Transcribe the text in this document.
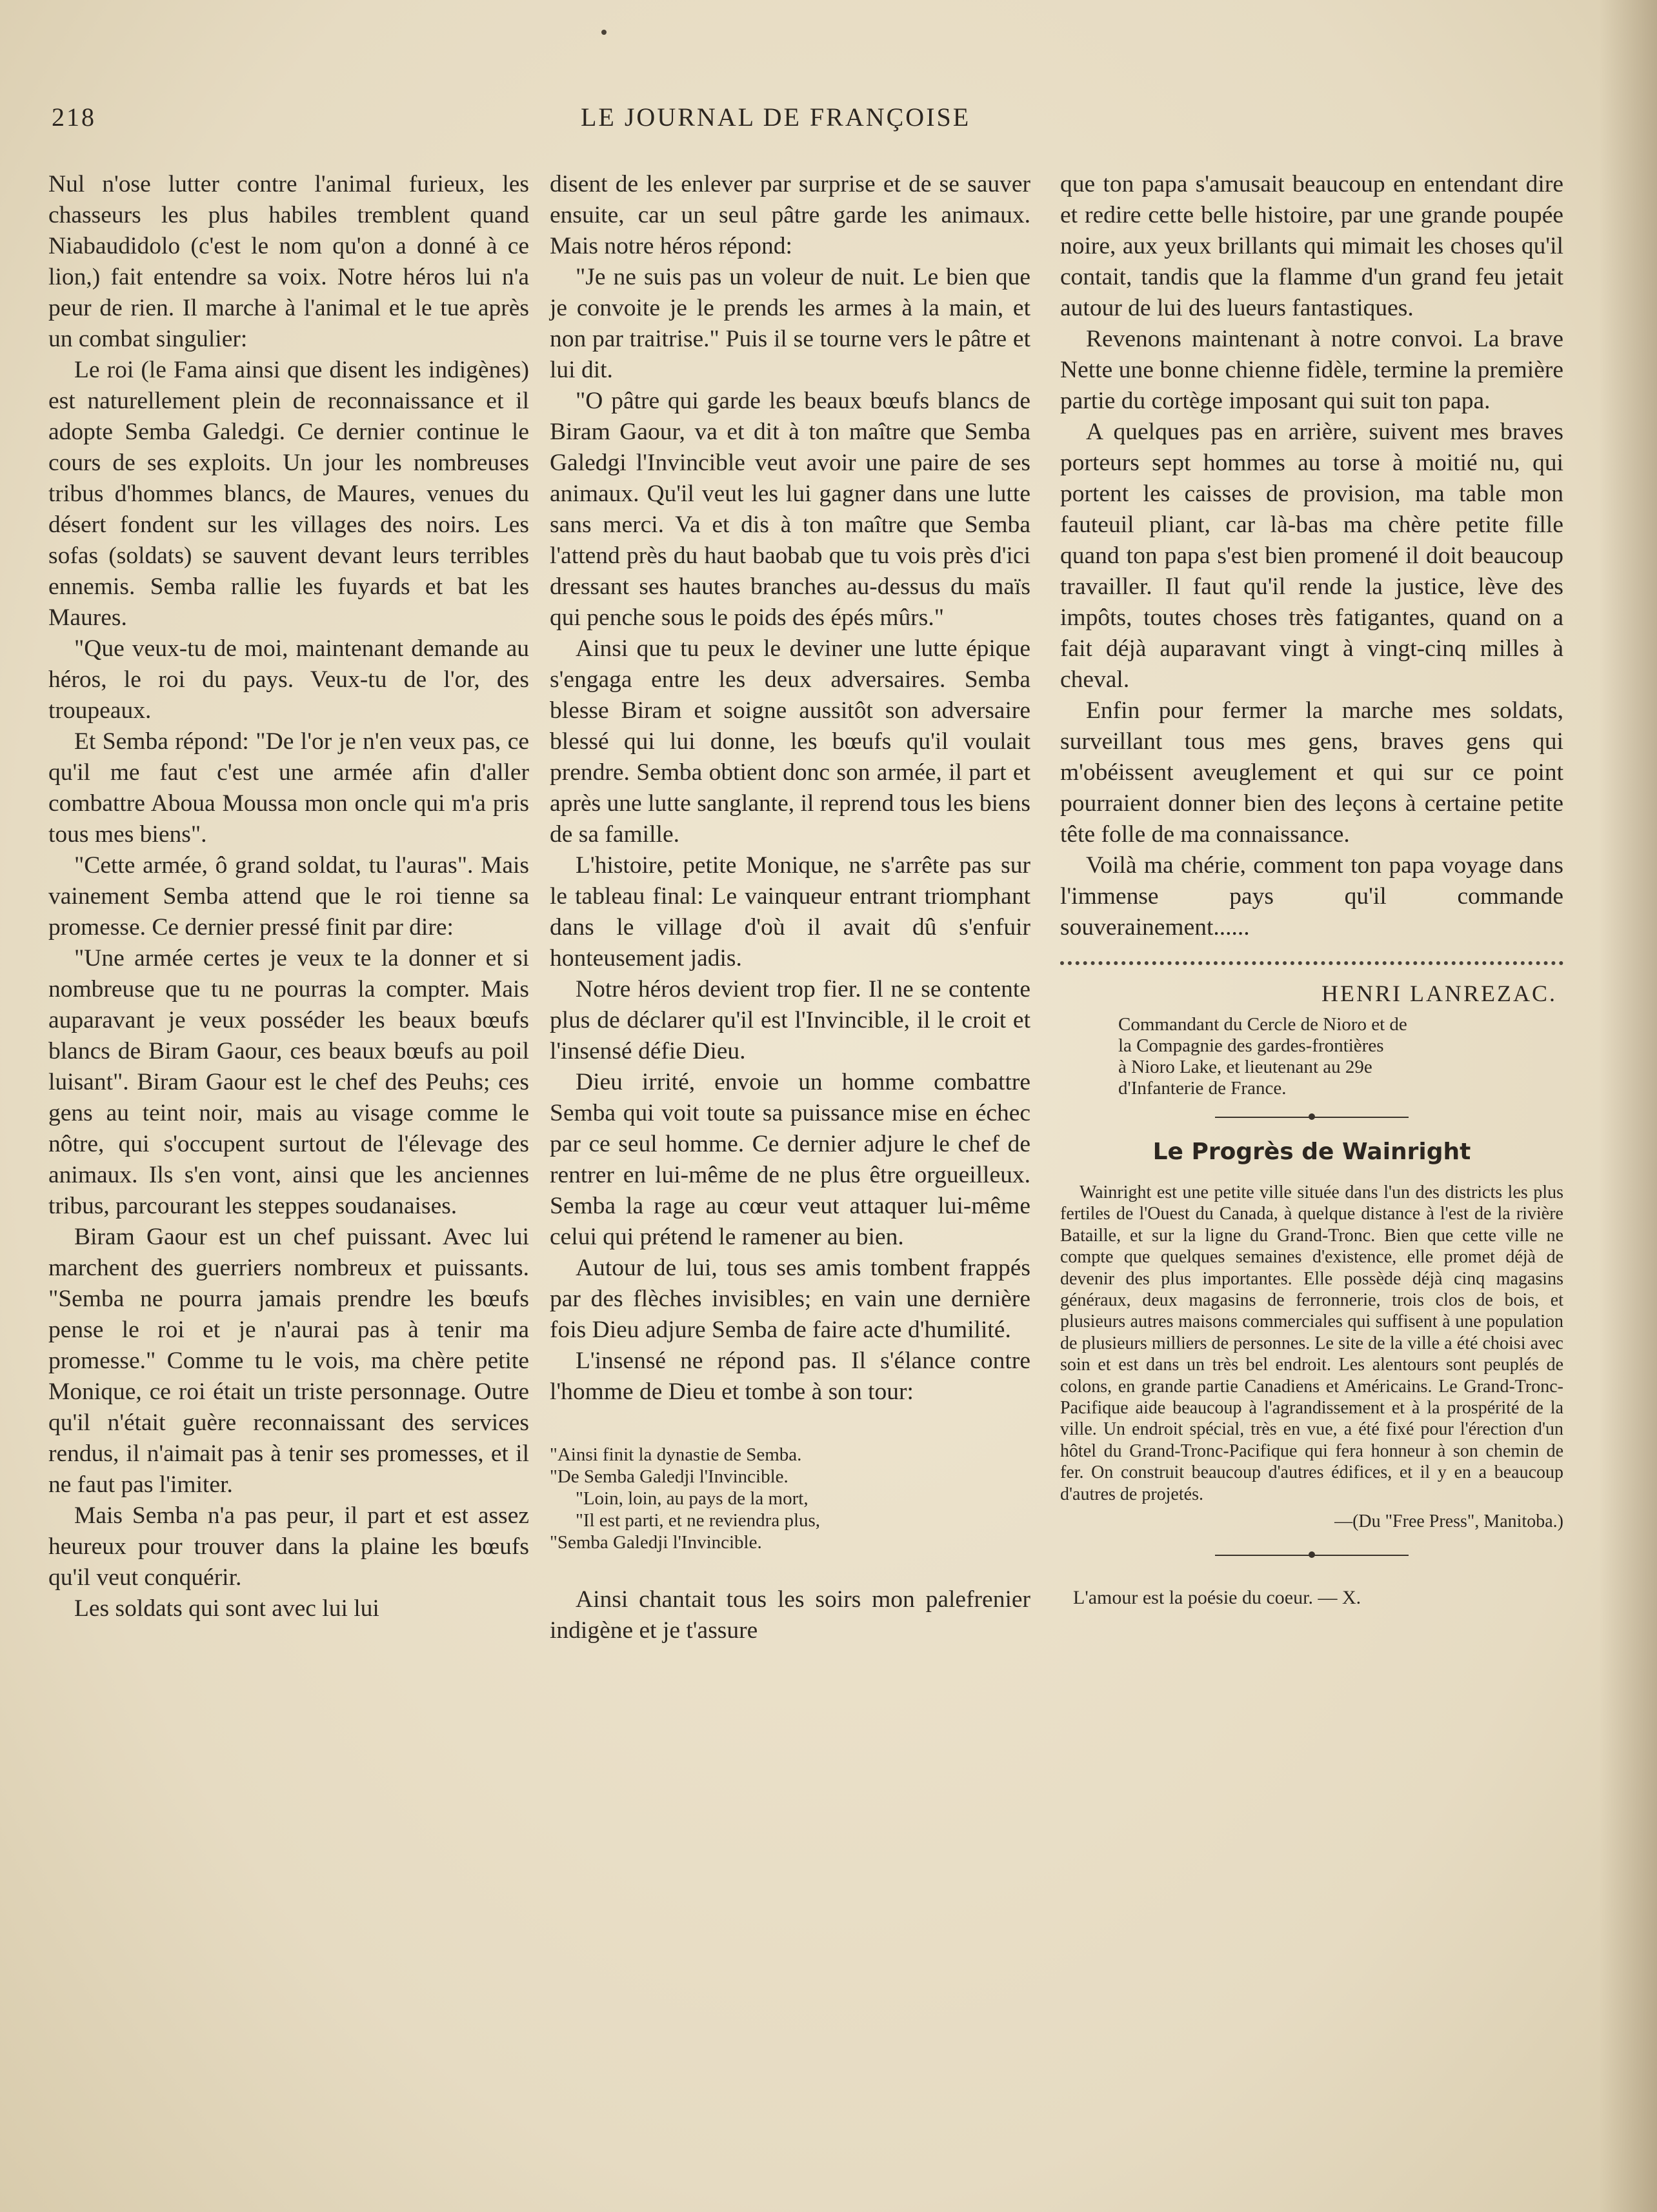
218	LE JOURNAL DE FRANÇOISE

Nul n'ose lutter contre l'animal furieux, les chasseurs les plus habiles tremblent quand Niabaudidolo (c'est le nom qu'on a donné à ce lion,) fait entendre sa voix. Notre héros lui n'a peur de rien. Il marche à l'animal et le tue après un combat singulier:

Le roi (le Fama ainsi que disent les indigènes) est naturellement plein de reconnaissance et il adopte Semba Galedgi. Ce dernier continue le cours de ses exploits. Un jour les nombreuses tribus d'hommes blancs, de Maures, venues du désert fondent sur les villages des noirs. Les sofas (soldats) se sauvent devant leurs terribles ennemis. Semba rallie les fuyards et bat les Maures.

"Que veux-tu de moi, maintenant demande au héros, le roi du pays. Veux-tu de l'or, des troupeaux.

Et Semba répond: "De l'or je n'en veux pas, ce qu'il me faut c'est une armée afin d'aller combattre Aboua Moussa mon oncle qui m'a pris tous mes biens".

"Cette armée, ô grand soldat, tu l'auras". Mais vainement Semba attend que le roi tienne sa promesse. Ce dernier pressé finit par dire:

"Une armée certes je veux te la donner et si nombreuse que tu ne pourras la compter. Mais auparavant je veux posséder les beaux bœufs blancs de Biram Gaour, ces beaux bœufs au poil luisant". Biram Gaour est le chef des Peuhs; ces gens au teint noir, mais au visage comme le nôtre, qui s'occupent surtout de l'élevage des animaux. Ils s'en vont, ainsi que les anciennes tribus, parcourant les steppes soudanaises.

Biram Gaour est un chef puissant. Avec lui marchent des guerriers nombreux et puissants. "Semba ne pourra jamais prendre les bœufs pense le roi et je n'aurai pas à tenir ma promesse." Comme tu le vois, ma chère petite Monique, ce roi était un triste personnage. Outre qu'il n'était guère reconnaissant des services rendus, il n'aimait pas à tenir ses promesses, et il ne faut pas l'imiter.

Mais Semba n'a pas peur, il part et est assez heureux pour trouver dans la plaine les bœufs qu'il veut conquérir.

Les soldats qui sont avec lui lui

disent de les enlever par surprise et de se sauver ensuite, car un seul pâtre garde les animaux. Mais notre héros répond:

"Je ne suis pas un voleur de nuit. Le bien que je convoite je le prends les armes à la main, et non par traitrise." Puis il se tourne vers le pâtre et lui dit.

"O pâtre qui garde les beaux bœufs blancs de Biram Gaour, va et dit à ton maître que Semba Galedgi l'Invincible veut avoir une paire de ses animaux. Qu'il veut les lui gagner dans une lutte sans merci. Va et dis à ton maître que Semba l'attend près du haut baobab que tu vois près d'ici dressant ses hautes branches au-dessus du maïs qui penche sous le poids des épés mûrs."

Ainsi que tu peux le deviner une lutte épique s'engaga entre les deux adversaires. Semba blesse Biram et soigne aussitôt son adversaire blessé qui lui donne, les bœufs qu'il voulait prendre. Semba obtient donc son armée, il part et après une lutte sanglante, il reprend tous les biens de sa famille.

L'histoire, petite Monique, ne s'arrête pas sur le tableau final: Le vainqueur entrant triomphant dans le village d'où il avait dû s'enfuir honteusement jadis.

Notre héros devient trop fier. Il ne se contente plus de déclarer qu'il est l'Invincible, il le croit et l'insensé défie Dieu.

Dieu irrité, envoie un homme combattre Semba qui voit toute sa puissance mise en échec par ce seul homme. Ce dernier adjure le chef de rentrer en lui-même de ne plus être orgueilleux. Semba la rage au cœur veut attaquer lui-même celui qui prétend le ramener au bien.

Autour de lui, tous ses amis tombent frappés par des flèches invisibles; en vain une dernière fois Dieu adjure Semba de faire acte d'humilité.

L'insensé ne répond pas. Il s'élance contre l'homme de Dieu et tombe à son tour:

"Ainsi finit la dynastie de Semba.
"De Semba Galedji l'Invincible.
"Loin, loin, au pays de la mort,
"Il est parti, et ne reviendra plus,
"Semba Galedji l'Invincible.

Ainsi chantait tous les soirs mon palefrenier indigène et je t'assure

que ton papa s'amusait beaucoup en entendant dire et redire cette belle histoire, par une grande poupée noire, aux yeux brillants qui mimait les choses qu'il contait, tandis que la flamme d'un grand feu jetait autour de lui des lueurs fantastiques.

Revenons maintenant à notre convoi. La brave Nette une bonne chienne fidèle, termine la première partie du cortège imposant qui suit ton papa.

A quelques pas en arrière, suivent mes braves porteurs sept hommes au torse à moitié nu, qui portent les caisses de provision, ma table mon fauteuil pliant, car là-bas ma chère petite fille quand ton papa s'est bien promené il doit beaucoup travailler. Il faut qu'il rende la justice, lève des impôts, toutes choses très fatigantes, quand on a fait déjà auparavant vingt à vingt-cinq milles à cheval.

Enfin pour fermer la marche mes soldats, surveillant tous mes gens, braves gens qui m'obéissent aveuglement et qui sur ce point pourraient donner bien des leçons à certaine petite tête folle de ma connaissance.

Voilà ma chérie, comment ton papa voyage dans l'immense pays qu'il commande souverainement......

HENRI LANREZAC.
Commandant du Cercle de Nioro et de
la Compagnie des gardes-frontières
à Nioro Lake, et lieutenant au 29e
d'Infanterie de France.
Le Progrès de Wainright

Wainright est une petite ville située dans l'un des districts les plus fertiles de l'Ouest du Canada, à quelque distance à l'est de la rivière Bataille, et sur la ligne du Grand-Tronc. Bien que cette ville ne compte que quelques semaines d'existence, elle promet déjà de devenir des plus importantes. Elle possède déjà cinq magasins généraux, deux magasins de ferronnerie, trois clos de bois, et plusieurs autres maisons commerciales qui suffisent à une population de plusieurs milliers de personnes. Le site de la ville a été choisi avec soin et est dans un très bel endroit. Les alentours sont peuplés de colons, en grande partie Canadiens et Américains. Le Grand-Tronc-Pacifique aide beaucoup à l'agrandissement et à la prospérité de la ville. Un endroit spécial, très en vue, a été fixé pour l'érection d'un hôtel du Grand-Tronc-Pacifique qui fera honneur à son chemin de fer. On construit beaucoup d'autres édifices, et il y en a beaucoup d'autres de projetés.

—(Du "Free Press", Manitoba.)
L'amour est la poésie du coeur. — X.
